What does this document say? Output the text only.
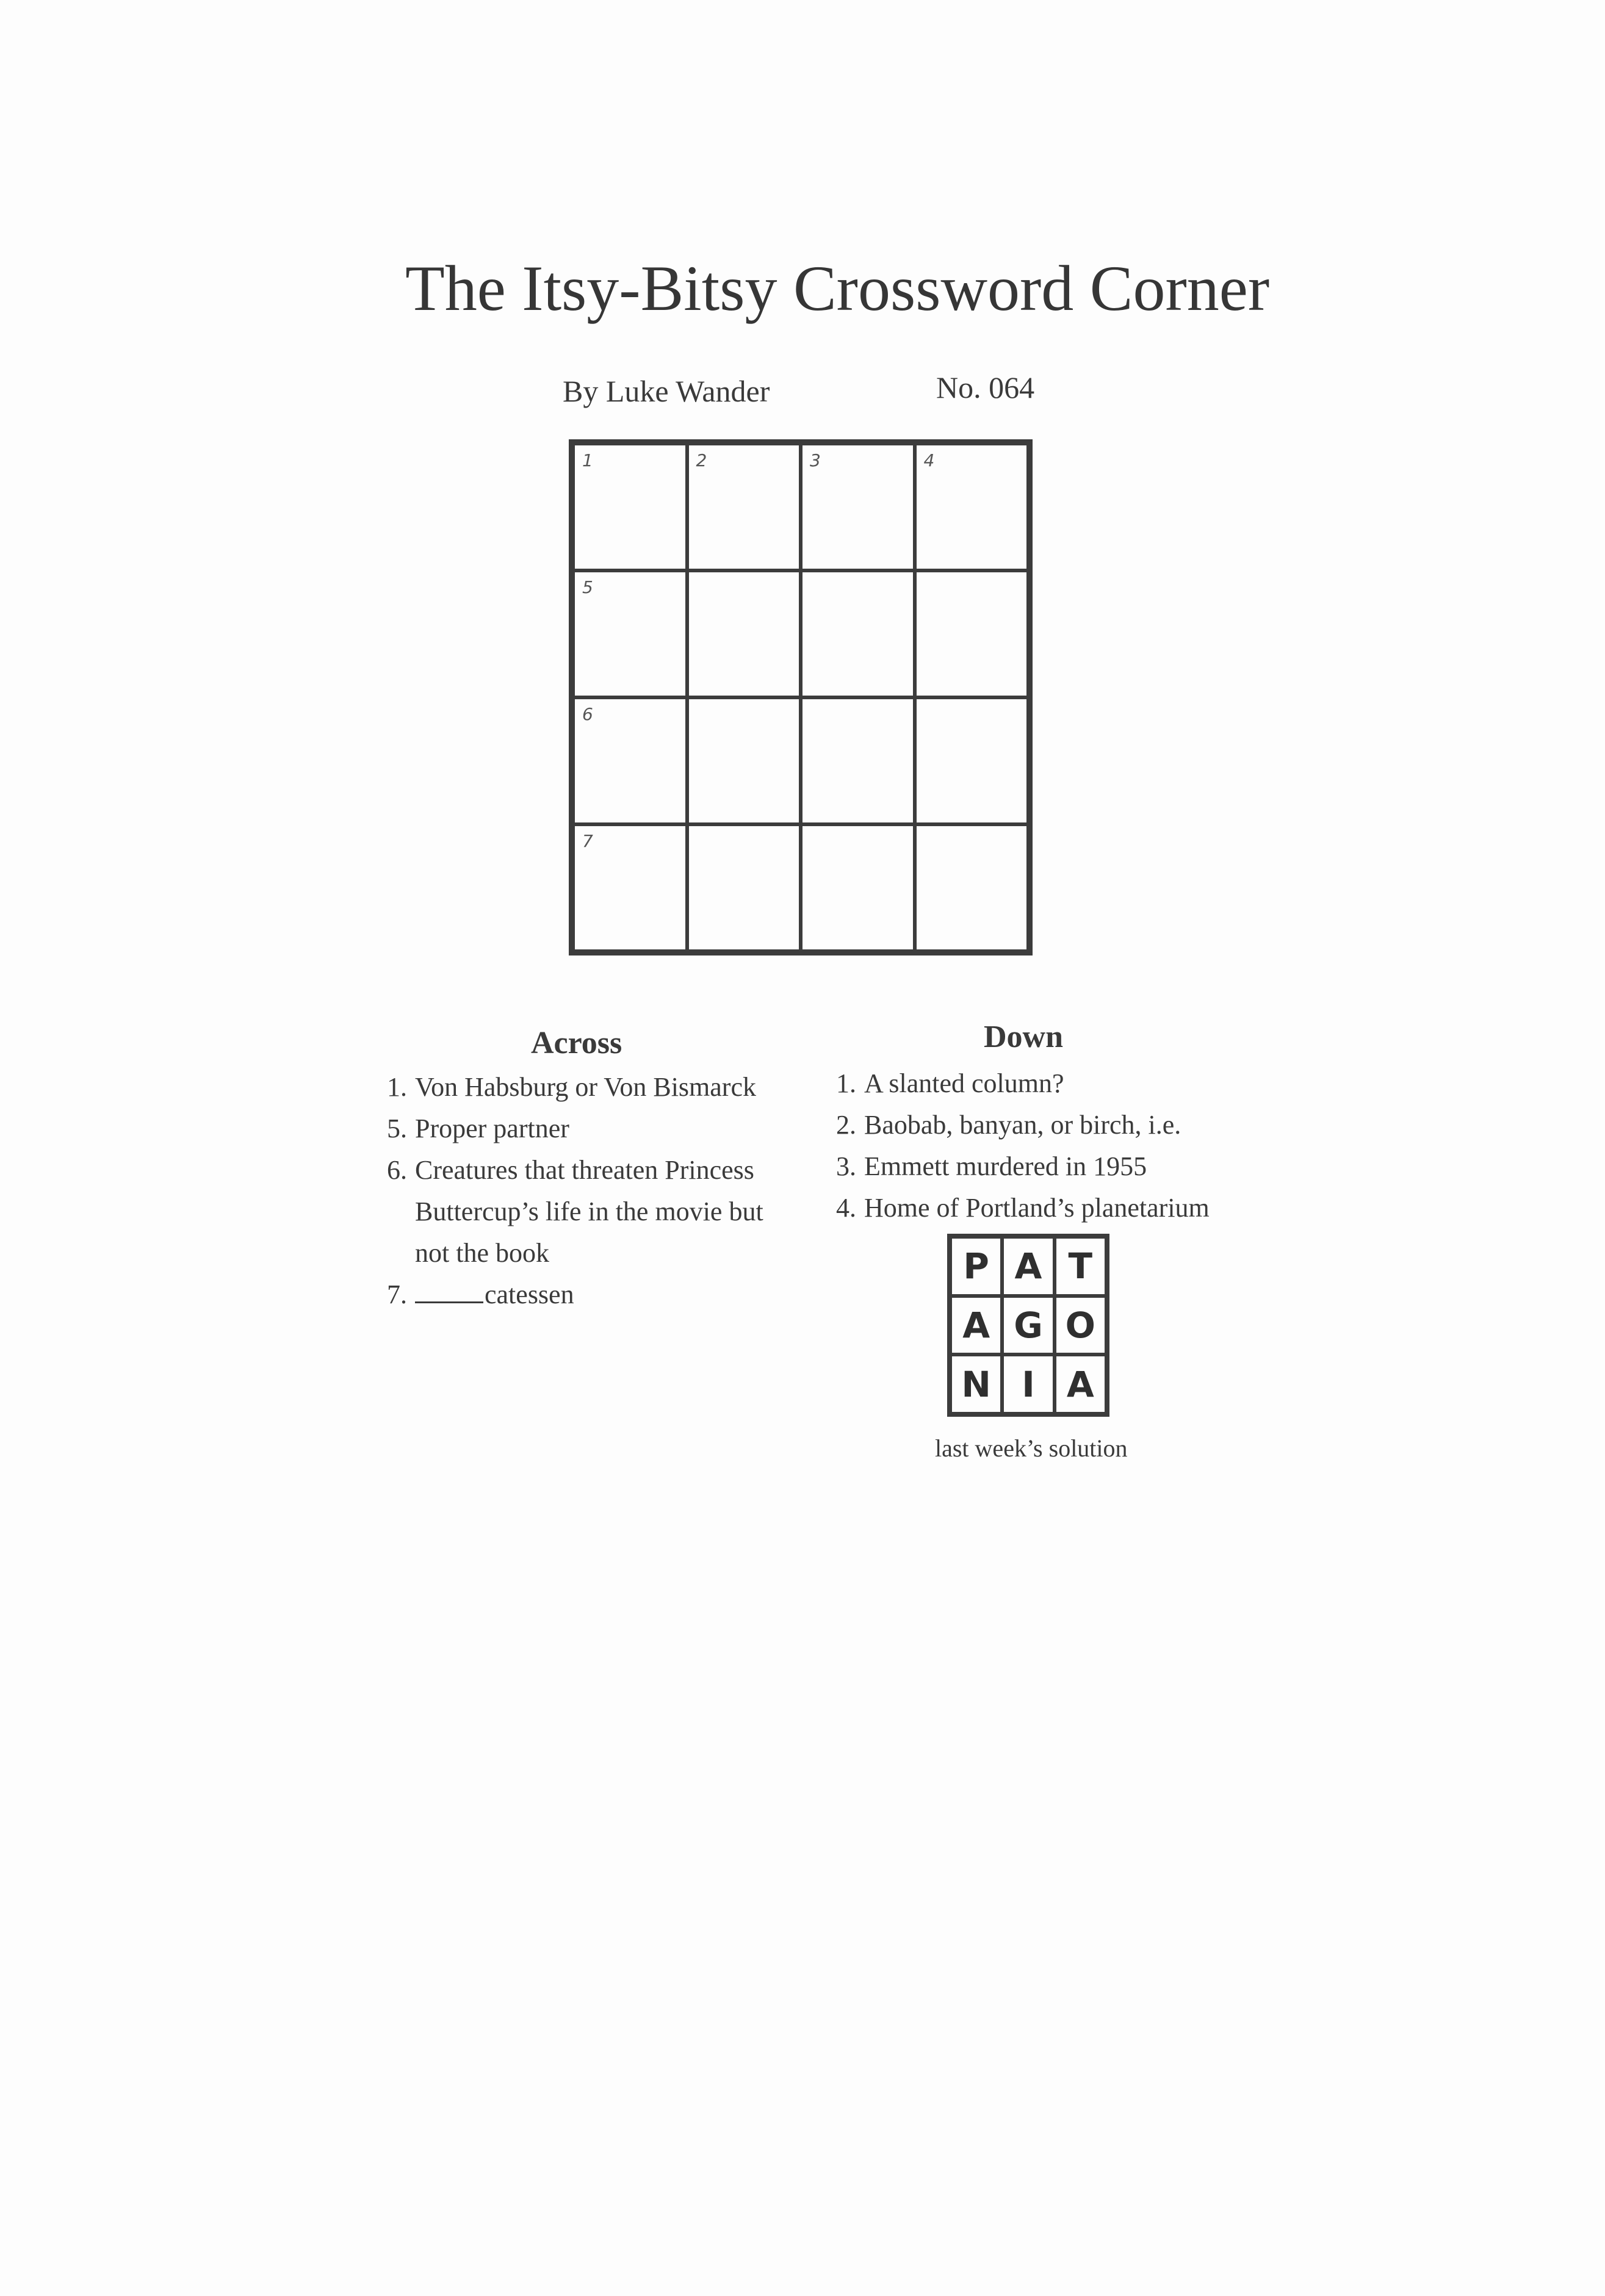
The Itsy-Bitsy Crossword Corner
By Luke Wander	No. 064
1	2	3	4
5
6
7
Across
1. Von Habsburg or Von Bismarck
5. Proper partner
6. Creatures that threaten Princess Buttercup’s life in the movie but not the book
7.	catessen
Down
1. A slanted column?
2. Baobab, banyan, or birch, i.e.
3. Emmett murdered in 1955
4. Home of Portland’s planetarium
P A T
A G O
N I A
last week’s solution
